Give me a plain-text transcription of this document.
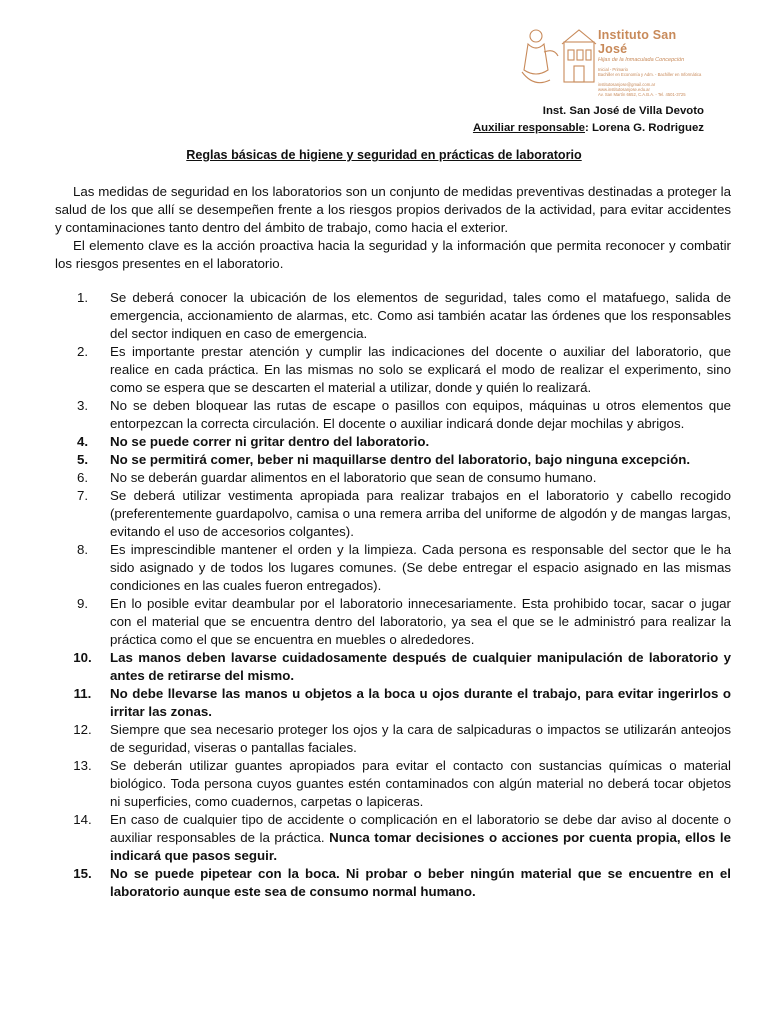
Instituto San José
Hijas de la Inmaculada Concepción
Inicial - Primario
Bachiller en Economía y Adm. - Bachiller en Informática
institutosanjose@gmail.com.ar
www.institutosanjose.edu.ar
Av. San Martín 6652, C.A.B.A. - Tel. 4501-3725
Inst. San José de Villa Devoto
Auxiliar responsable: Lorena G. Rodriguez
Reglas básicas de higiene y seguridad en prácticas de laboratorio

Las medidas de seguridad en los laboratorios son un conjunto de medidas preventivas destinadas a proteger la salud de los que allí se desempeñen frente a los riesgos propios derivados de la actividad, para evitar accidentes y contaminaciones tanto dentro del ámbito de trabajo, como hacia el exterior.

El elemento clave es la acción proactiva hacia la seguridad y la información que permita reconocer y combatir los riesgos presentes en el laboratorio.

1.	Se deberá conocer la ubicación de los elementos de seguridad, tales como el matafuego, salida de emergencia, accionamiento de alarmas, etc. Como asi también acatar las órdenes que los responsables del sector indiquen en caso de emergencia.
2.	Es importante prestar atención y cumplir las indicaciones del docente o auxiliar del laboratorio, que realice en cada práctica. En las mismas no solo se explicará el modo de realizar el experimento, sino como se espera que se descarten el material a utilizar, donde y quién lo realizará.
3.	No se deben bloquear las rutas de escape o pasillos con equipos, máquinas u otros elementos que entorpezcan la correcta circulación. El docente o auxiliar indicará donde dejar mochilas y abrigos.
4.	No se puede correr ni gritar dentro del laboratorio.
5.	No se permitirá comer, beber ni maquillarse dentro del laboratorio, bajo ninguna excepción.
6.	No se deberán guardar alimentos en el laboratorio que sean de consumo humano.
7.	Se deberá utilizar vestimenta apropiada para realizar trabajos en el laboratorio y cabello recogido (preferentemente guardapolvo, camisa o una remera arriba del uniforme de algodón y de mangas largas, evitando el uso de accesorios colgantes).
8.	Es imprescindible mantener el orden y la limpieza. Cada persona es responsable del sector que le ha sido asignado y de todos los lugares comunes. (Se debe entregar el espacio asignado en las mismas condiciones en las cuales fueron entregados).
9.	En lo posible evitar deambular por el laboratorio innecesariamente. Esta prohibido tocar, sacar o jugar con el material que se encuentra dentro del laboratorio, ya sea el que se le administró para realizar la práctica como el que se encuentra en muebles o alrededores.
10.	Las manos deben lavarse cuidadosamente después de cualquier manipulación de laboratorio y antes de retirarse del mismo.
11.	No debe llevarse las manos u objetos a la boca u ojos durante el trabajo, para evitar ingerirlos o irritar las zonas.
12.	Siempre que sea necesario proteger los ojos y la cara de salpicaduras o impactos se utilizarán anteojos de seguridad, viseras o pantallas faciales.
13.	Se deberán utilizar guantes apropiados para evitar el contacto con sustancias químicas o material biológico. Toda persona cuyos guantes estén contaminados con algún material no deberá tocar objetos ni superficies, como cuadernos, carpetas o lapiceras.
14.	En caso de cualquier tipo de accidente o complicación en el laboratorio se debe dar aviso al docente o auxiliar responsables de la práctica. Nunca tomar decisiones o acciones por cuenta propia, ellos le indicará que pasos seguir.
15.	No se puede pipetear con la boca. Ni probar o beber ningún material que se encuentre en el laboratorio aunque este sea de consumo normal humano.
